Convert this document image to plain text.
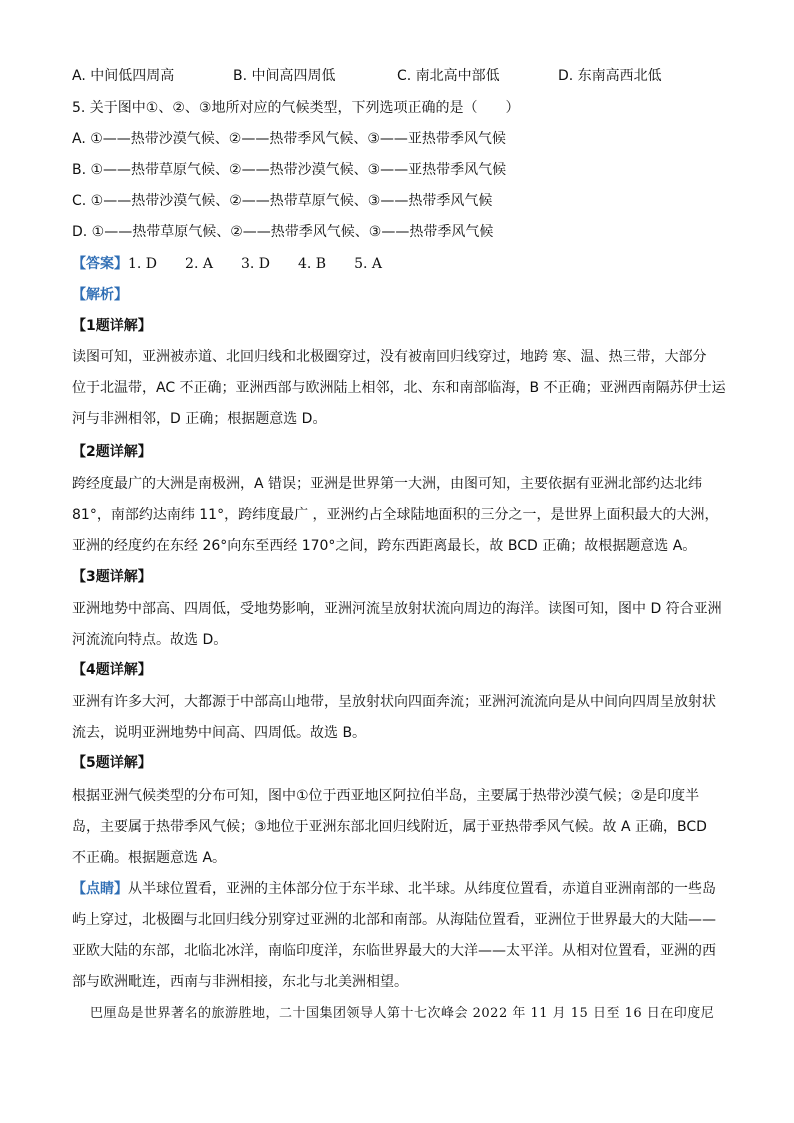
A. 中间低四周高	B. 中间高四周低	C. 南北高中部低	D. 东南高西北低
5. 关于图中①、②、③地所对应的气候类型，下列选项正确的是（　　）
A. ①——热带沙漠气候、②——热带季风气候、③——亚热带季风气候
B. ①——热带草原气候、②——热带沙漠气候、③——亚热带季风气候
C. ①——热带沙漠气候、②——热带草原气候、③——热带季风气候
D. ①——热带草原气候、②——热带季风气候、③——热带季风气候
【答案】1. D　　2. A　　3. D　　4. B　　5. A
【解析】
【1题详解】
读图可知，亚洲被赤道、北回归线和北极圈穿过，没有被南回归线穿过，地跨 寒、温、热三带，大部分
位于北温带，AC 不正确；亚洲西部与欧洲陆上相邻，北、东和南部临海，B 不正确；亚洲西南隔苏伊士运
河与非洲相邻，D 正确；根据题意选 D。
【2题详解】
跨经度最广的大洲是南极洲，A 错误；亚洲是世界第一大洲，由图可知，主要依据有亚洲北部约达北纬
81°，南部约达南纬 11°，跨纬度最广 ，亚洲约占全球陆地面积的三分之一，是世界上面积最大的大洲，
亚洲的经度约在东经 26°向东至西经 170°之间，跨东西距离最长，故 BCD 正确；故根据题意选 A。
【3题详解】
亚洲地势中部高、四周低，受地势影响，亚洲河流呈放射状流向周边的海洋。读图可知，图中 D 符合亚洲
河流流向特点。故选 D。
【4题详解】
亚洲有许多大河，大都源于中部高山地带，呈放射状向四面奔流；亚洲河流流向是从中间向四周呈放射状
流去，说明亚洲地势中间高、四周低。故选 B。
【5题详解】
根据亚洲气候类型的分布可知，图中①位于西亚地区阿拉伯半岛，主要属于热带沙漠气候；②是印度半
岛，主要属于热带季风气候；③地位于亚洲东部北回归线附近，属于亚热带季风气候。故 A 正确，BCD
不正确。根据题意选 A。
【点睛】从半球位置看，亚洲的主体部分位于东半球、北半球。从纬度位置看，赤道自亚洲南部的一些岛
屿上穿过，北极圈与北回归线分别穿过亚洲的北部和南部。从海陆位置看，亚洲位于世界最大的大陆——
亚欧大陆的东部，北临北冰洋，南临印度洋，东临世界最大的大洋——太平洋。从相对位置看，亚洲的西
部与欧洲毗连，西南与非洲相接，东北与北美洲相望。
巴厘岛是世界著名的旅游胜地，二十国集团领导人第十七次峰会 2022 年 11 月 15 日至 16 日在印度尼
